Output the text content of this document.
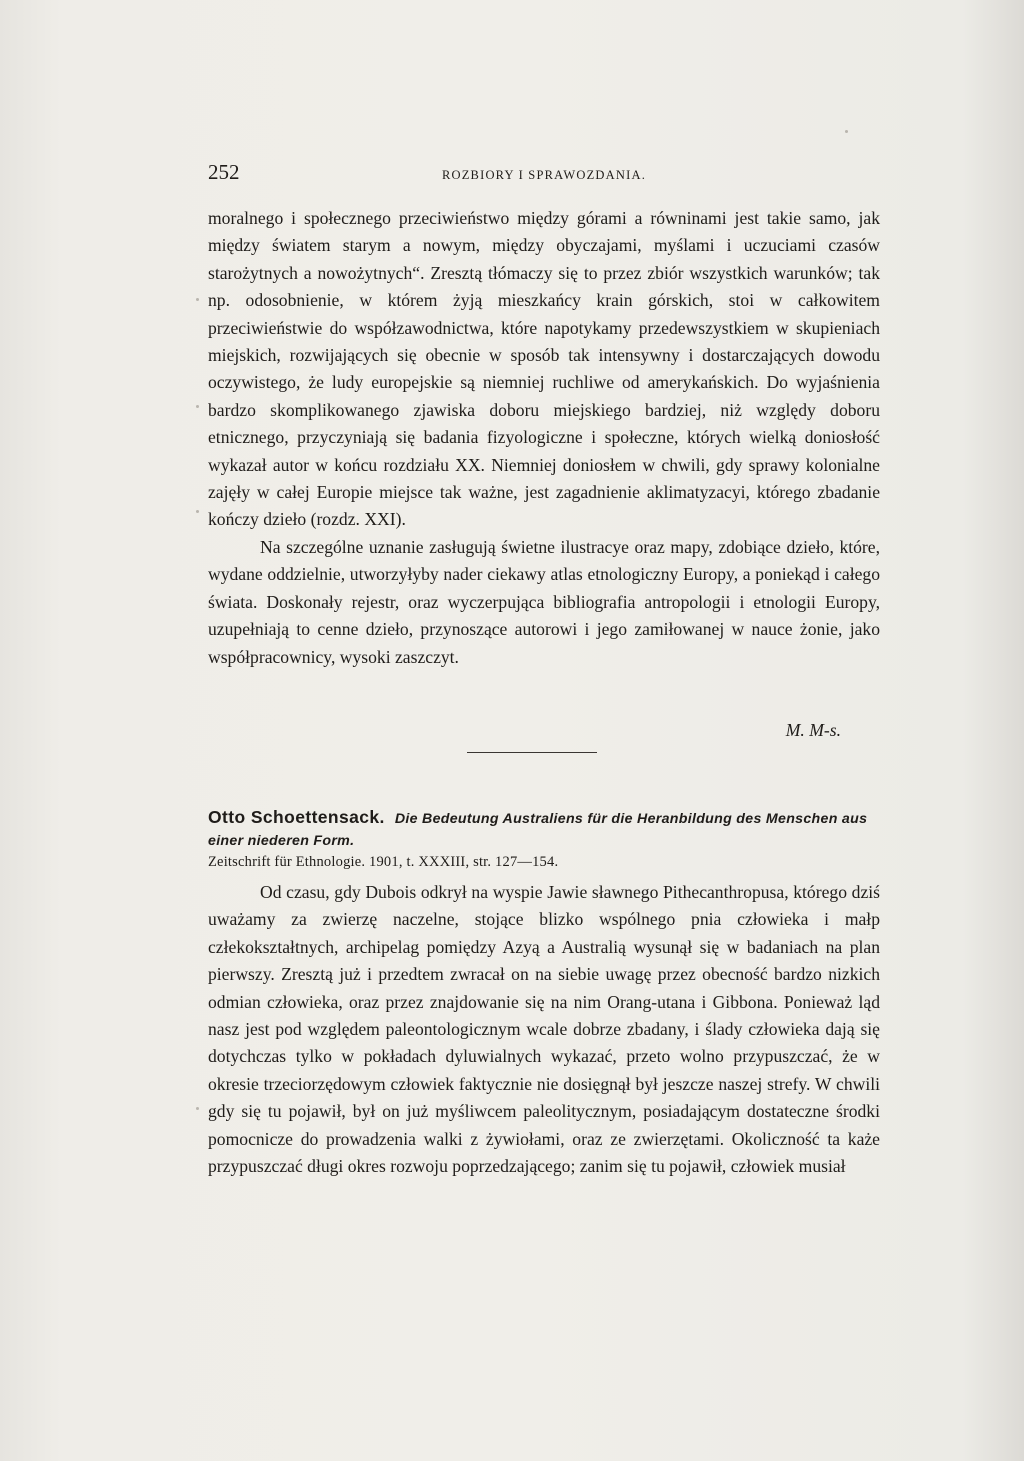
252	ROZBIORY I SPRAWOZDANIA.

moralnego i społecznego przeciwieństwo między górami a równinami jest takie samo, jak między światem starym a nowym, między obyczajami, myślami i uczuciami czasów starożytnych a nowożytnych“. Zresztą tłómaczy się to przez zbiór wszystkich warunków; tak np. odosobnienie, w którem żyją mieszkańcy krain górskich, stoi w całkowitem przeciwieństwie do współzawodnictwa, które napotykamy przedewszystkiem w skupieniach miejskich, rozwijających się obecnie w sposób tak intensywny i dostarczających dowodu oczywistego, że ludy europejskie są niemniej ruchliwe od amerykańskich. Do wyjaśnienia bardzo skomplikowanego zjawiska doboru miejskiego bardziej, niż względy doboru etnicznego, przyczyniają się badania fizyologiczne i społeczne, których wielką doniosłość wykazał autor w końcu rozdziału XX. Niemniej doniosłem w chwili, gdy sprawy kolonialne zajęły w całej Europie miejsce tak ważne, jest zagadnienie aklimatyzacyi, którego zbadanie kończy dzieło (rozdz. XXI).

Na szczególne uznanie zasługują świetne ilustracye oraz mapy, zdobiące dzieło, które, wydane oddzielnie, utworzyłyby nader ciekawy atlas etnologiczny Europy, a poniekąd i całego świata. Doskonały rejestr, oraz wyczerpująca bibliografia antropologii i etnologii Europy, uzupełniają to cenne dzieło, przynoszące autorowi i jego zamiłowanej w nauce żonie, jako współpracownicy, wysoki zaszczyt.

M. M-s.
Otto Schoettensack. Die Bedeutung Australiens für die Heranbildung des Menschen aus einer niederen Form.
Zeitschrift für Ethnologie. 1901, t. XXXIII, str. 127—154.

Od czasu, gdy Dubois odkrył na wyspie Jawie sławnego Pithecanthropusa, którego dziś uważamy za zwierzę naczelne, stojące blizko wspólnego pnia człowieka i małp człekokształtnych, archipelag pomiędzy Azyą a Australią wysunął się w badaniach na plan pierwszy. Zresztą już i przedtem zwracał on na siebie uwagę przez obecność bardzo nizkich odmian człowieka, oraz przez znajdowanie się na nim Orang-utana i Gibbona. Ponieważ ląd nasz jest pod względem paleontologicznym wcale dobrze zbadany, i ślady człowieka dają się dotychczas tylko w pokładach dyluwialnych wykazać, przeto wolno przypuszczać, że w okresie trzeciorzędowym człowiek faktycznie nie dosięgnął był jeszcze naszej strefy. W chwili gdy się tu pojawił, był on już myśliwcem paleolitycznym, posiadającym dostateczne środki pomocnicze do prowadzenia walki z żywiołami, oraz ze zwierzętami. Okoliczność ta każe przypuszczać długi okres rozwoju poprzedzającego; zanim się tu pojawił, człowiek musiał
